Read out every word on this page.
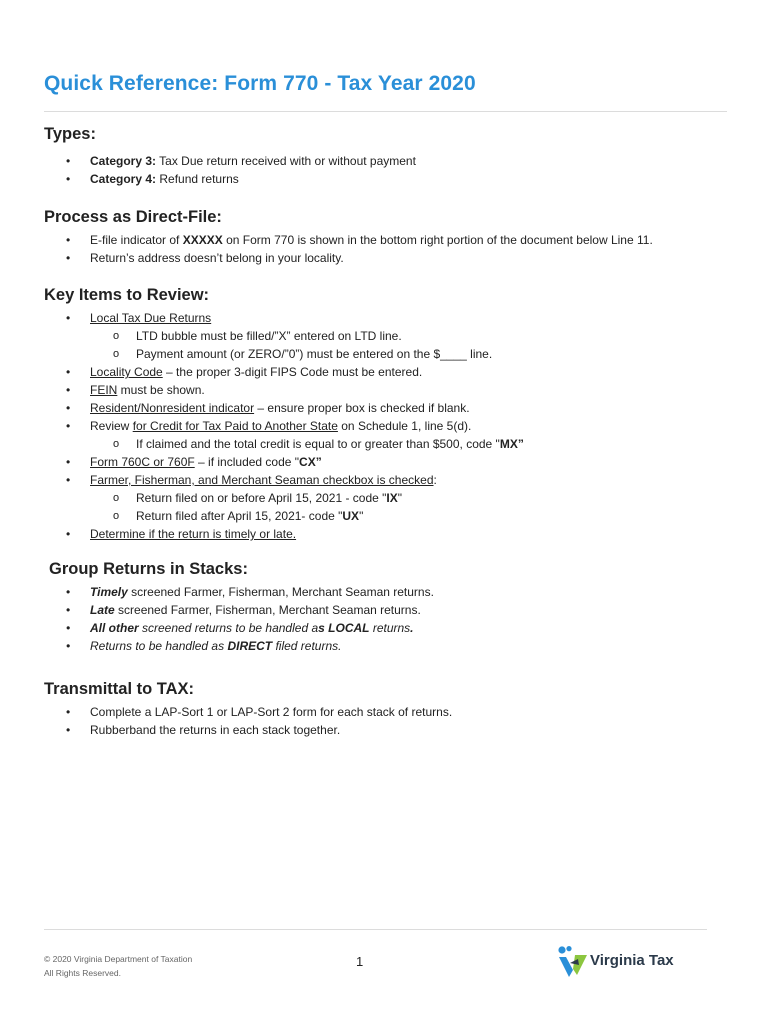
Quick Reference: Form 770 - Tax Year 2020
Types:
• Category 3: Tax Due return received with or without payment
• Category 4: Refund returns
Process as Direct-File:
• E-file indicator of XXXXX on Form 770 is shown in the bottom right portion of the document below Line 11.
• Return’s address doesn’t belong in your locality.
Key Items to Review:
• Local Tax Due Returns
o LTD bubble must be filled/”X” entered on LTD line.
o Payment amount (or ZERO/”0”) must be entered on the $____ line.
• Locality Code – the proper 3-digit FIPS Code must be entered.
• FEIN must be shown.
• Resident/Nonresident indicator – ensure proper box is checked if blank.
• Review for Credit for Tax Paid to Another State on Schedule 1, line 5(d).
o If claimed and the total credit is equal to or greater than $500, code "MX”
• Form 760C or 760F – if included code "CX”
• Farmer, Fisherman, and Merchant Seaman checkbox is checked:
o Return filed on or before April 15, 2021 - code "IX"
o Return filed after April 15, 2021- code "UX"
• Determine if the return is timely or late.
Group Returns in Stacks:
• Timely screened Farmer, Fisherman, Merchant Seaman returns.
• Late screened Farmer, Fisherman, Merchant Seaman returns.
• All other screened returns to be handled as LOCAL returns.
• Returns to be handled as DIRECT filed returns.
Transmittal to TAX:
• Complete a LAP-Sort 1 or LAP-Sort 2 form for each stack of returns.
• Rubberband the returns in each stack together.
© 2020 Virginia Department of Taxation
All Rights Reserved.
1	Virginia Tax
